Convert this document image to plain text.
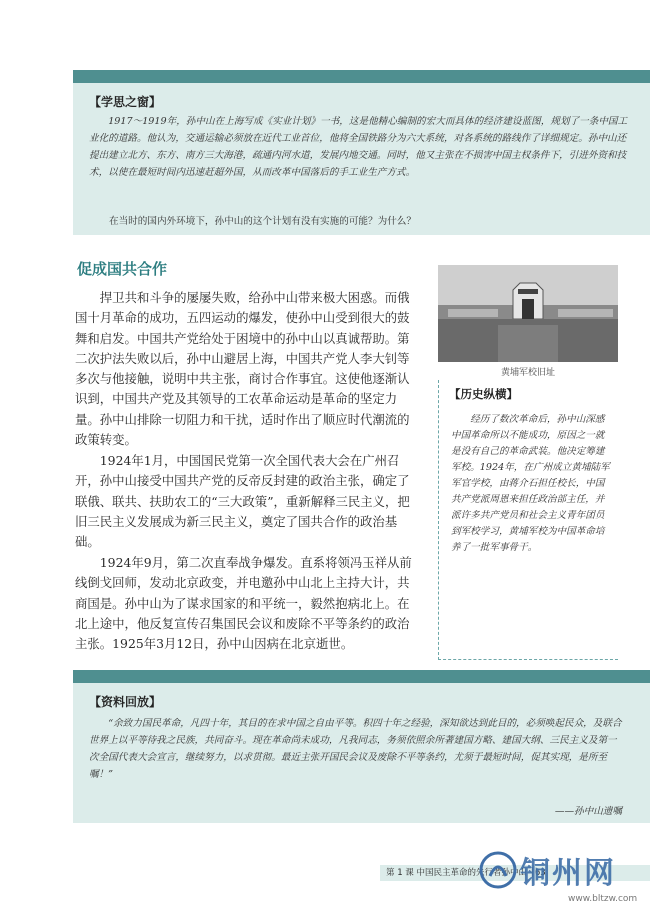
【学思之窗】
1917～1919年，孙中山在上海写成《实业计划》一书，这是他精心编制的宏大而具体的经济建设蓝图，规划了一条中国工业化的道路。他认为，交通运输必须放在近代工业首位，他将全国铁路分为六大系统，对各系统的路线作了详细规定。孙中山还提出建立北方、东方、南方三大海港，疏通内河水道，发展内地交通。同时，他又主张在不损害中国主权条件下，引进外资和技术，以使在最短时间内迅速赶超外国，从而改革中国落后的手工业生产方式。
在当时的国内外环境下，孙中山的这个计划有没有实施的可能？为什么？
促成国共合作

捍卫共和斗争的屡屡失败，给孙中山带来极大困惑。而俄国十月革命的成功，五四运动的爆发，使孙中山受到很大的鼓舞和启发。中国共产党给处于困境中的孙中山以真诚帮助。第二次护法失败以后，孙中山避居上海，中国共产党人李大钊等多次与他接触，说明中共主张，商讨合作事宜。这使他逐渐认识到，中国共产党及其领导的工农革命运动是革命的坚定力量。孙中山排除一切阻力和干扰，适时作出了顺应时代潮流的政策转变。

1924年1月，中国国民党第一次全国代表大会在广州召开，孙中山接受中国共产党的反帝反封建的政治主张，确定了联俄、联共、扶助农工的“三大政策”，重新解释三民主义，把旧三民主义发展成为新三民主义，奠定了国共合作的政治基础。

1924年9月，第二次直奉战争爆发。直系将领冯玉祥从前线倒戈回师，发动北京政变，并电邀孙中山北上主持大计，共商国是。孙中山为了谋求国家的和平统一，毅然抱病北上。在北上途中，他反复宣传召集国民会议和废除不平等条约的政治主张。1925年3月12日，孙中山因病在北京逝世。

黄埔军校旧址
【历史纵横】
经历了数次革命后，孙中山深感中国革命所以不能成功，原因之一就是没有自己的革命武装。他决定筹建军校。1924年，在广州成立黄埔陆军军官学校，由蒋介石担任校长，中国共产党派周恩来担任政治部主任，并派许多共产党员和社会主义青年团员到军校学习，黄埔军校为中国革命培养了一批军事骨干。
【资料回放】
“余致力国民革命，凡四十年，其目的在求中国之自由平等。积四十年之经验，深知欲达到此目的，必须唤起民众，及联合世界上以平等待我之民族，共同奋斗。现在革命尚未成功，凡我同志，务须依照余所著建国方略、建国大纲、三民主义及第一次全国代表大会宣言，继续努力，以求贯彻。最近主张开国民会议及废除不平等条约，尤须于最短时间，促其实现，是所至嘱！”
——孙中山遗嘱
第 1 课 中国民主革命的先行者孙中山 │63
铜州网
www.bltzw.com
